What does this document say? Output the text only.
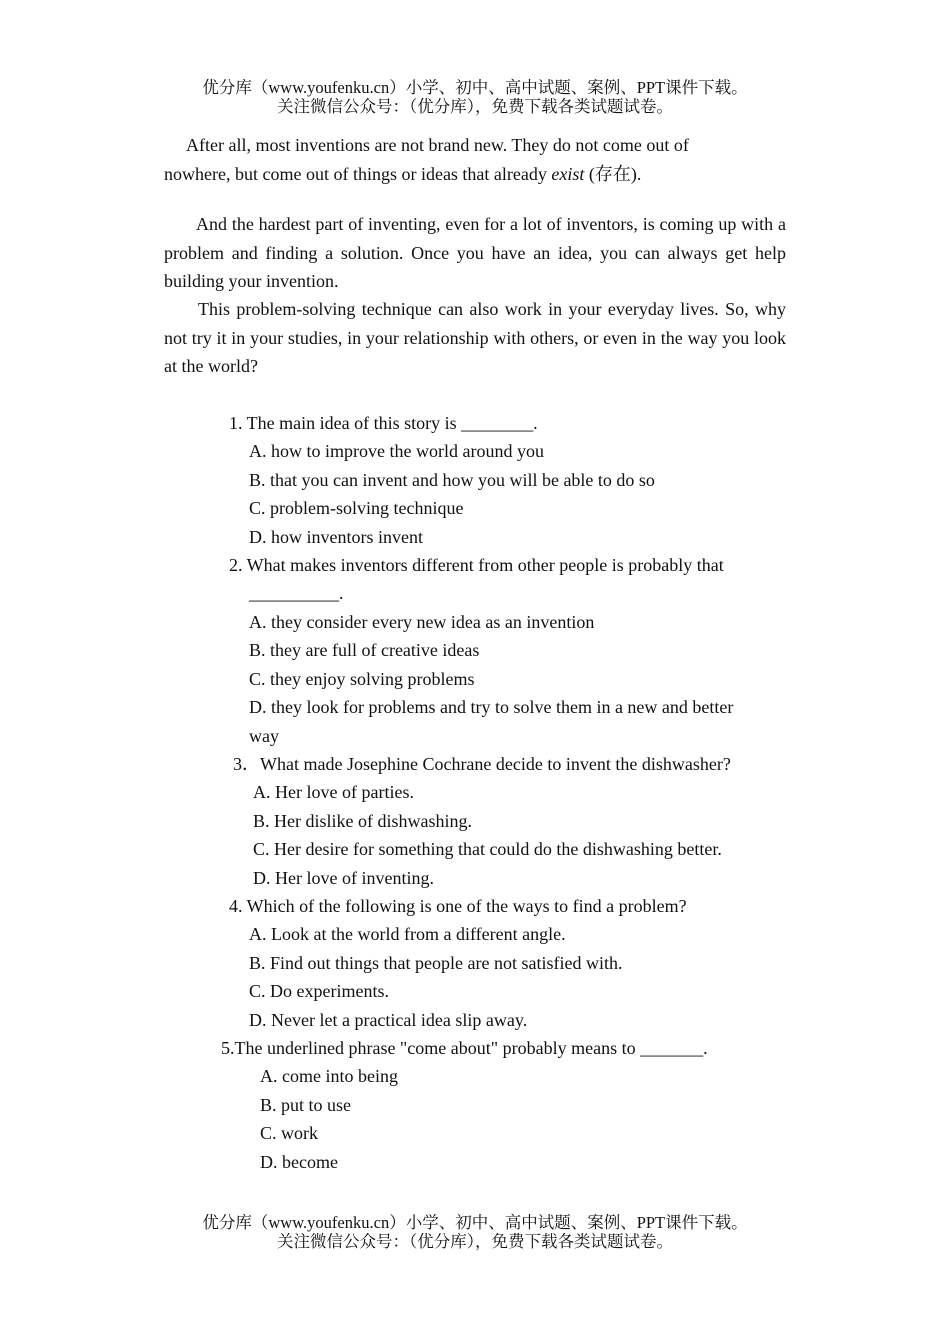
优分库（www.youfenku.cn）小学、初中、高中试题、案例、PPT课件下载。
关注微信公众号：（优分库），免费下载各类试题试卷。
After all, most inventions are not brand new. They do not come out of nowhere, but come out of things or ideas that already exist (存在).
And the hardest part of inventing, even for a lot of inventors, is coming up with a problem and finding a solution. Once you have an idea, you can always get help building your invention.
This problem-solving technique can also work in your everyday lives. So, why not try it in your studies, in your relationship with others, or even in the way you look at the world?
1. The main idea of this story is ________.
A. how to improve the world around you
B. that you can invent and how you will be able to do so
C. problem-solving technique
D. how inventors invent
2. What makes inventors different from other people is probably that
__________.
A. they consider every new idea as an invention
B. they are full of creative ideas
C. they enjoy solving problems
D. they look for problems and try to solve them in a new and better
way
3．What made Josephine Cochrane decide to invent the dishwasher?
A. Her love of parties.
B. Her dislike of dishwashing.
C. Her desire for something that could do the dishwashing better.
D. Her love of inventing.
4. Which of the following is one of the ways to find a problem?
A. Look at the world from a different angle.
B. Find out things that people are not satisfied with.
C. Do experiments.
D. Never let a practical idea slip away.
5.The underlined phrase "come about" probably means to _______.
A. come into being
B. put to use
C. work
D. become
优分库（www.youfenku.cn）小学、初中、高中试题、案例、PPT课件下载。
关注微信公众号：（优分库），免费下载各类试题试卷。
